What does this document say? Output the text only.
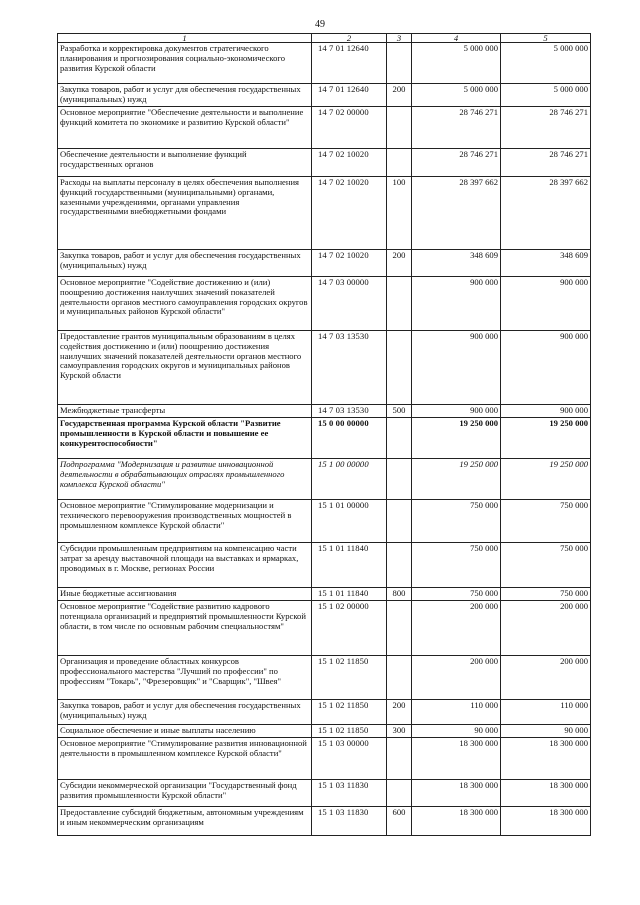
49
1	2	3	4	5
Разработка и корректировка документов стратегического планирования и прогнозирования социально-экономического развития Курской области	14 7 01 12640		5 000 000	5 000 000
Закупка товаров, работ и услуг для обеспечения государственных (муниципальных) нужд	14 7 01 12640	200	5 000 000	5 000 000
Основное мероприятие "Обеспечение деятельности и выполнение функций комитета по экономике и развитию Курской области"	14 7 02 00000		28 746 271	28 746 271
Обеспечение деятельности и выполнение функций государственных органов	14 7 02 10020		28 746 271	28 746 271
Расходы на выплаты персоналу в целях обеспечения выполнения функций государственными (муниципальными) органами, казенными учреждениями, органами управления государственными внебюджетными фондами	14 7 02 10020	100	28 397 662	28 397 662
Закупка товаров, работ и услуг для обеспечения государственных (муниципальных) нужд	14 7 02 10020	200	348 609	348 609
Основное мероприятие "Содействие достижению и (или) поощрению достижения наилучших значений показателей деятельности органов местного самоуправления городских округов и муниципальных районов Курской области"	14 7 03 00000		900 000	900 000
Предоставление грантов муниципальным образованиям в целях содействия достижению и (или) поощрению достижения наилучших значений показателей деятельности органов местного самоуправления городских округов и муниципальных районов Курской области	14 7 03 13530		900 000	900 000
Межбюджетные трансферты	14 7 03 13530	500	900 000	900 000
Государственная программа Курской области "Развитие промышленности в Курской области и повышение ее конкурентоспособности"	15 0 00 00000		19 250 000	19 250 000
Подпрограмма "Модернизация и развитие инновационной деятельности в обрабатывающих отраслях промышленного комплекса Курской области"	15 1 00 00000		19 250 000	19 250 000
Основное мероприятие "Стимулирование модернизации и технического перевооружения производственных мощностей в промышленном комплексе Курской области"	15 1 01 00000		750 000	750 000
Субсидии промышленным предприятиям на компенсацию части затрат за аренду выставочной площади на выставках и ярмарках, проводимых в г. Москве, регионах России	15 1 01 11840		750 000	750 000
Иные бюджетные ассигнования	15 1 01 11840	800	750 000	750 000
Основное мероприятие "Содействие развитию кадрового потенциала организаций и предприятий промышленности Курской области, в том числе по основным рабочим специальностям"	15 1 02 00000		200 000	200 000
Организация и проведение областных конкурсов профессионального мастерства "Лучший по профессии" по профессиям "Токарь", "Фрезеровщик" и "Сварщик", "Швея"	15 1 02 11850		200 000	200 000
Закупка товаров, работ и услуг для обеспечения государственных (муниципальных) нужд	15 1 02 11850	200	110 000	110 000
Социальное обеспечение и иные выплаты населению	15 1 02 11850	300	90 000	90 000
Основное мероприятие "Стимулирование развития инновационной деятельности в промышленном комплексе Курской области"	15 1 03 00000		18 300 000	18 300 000
Субсидии некоммерческой организации "Государственный фонд развития промышленности Курской области"	15 1 03 11830		18 300 000	18 300 000
Предоставление субсидий бюджетным, автономным учреждениям и иным некоммерческим организациям	15 1 03 11830	600	18 300 000	18 300 000
